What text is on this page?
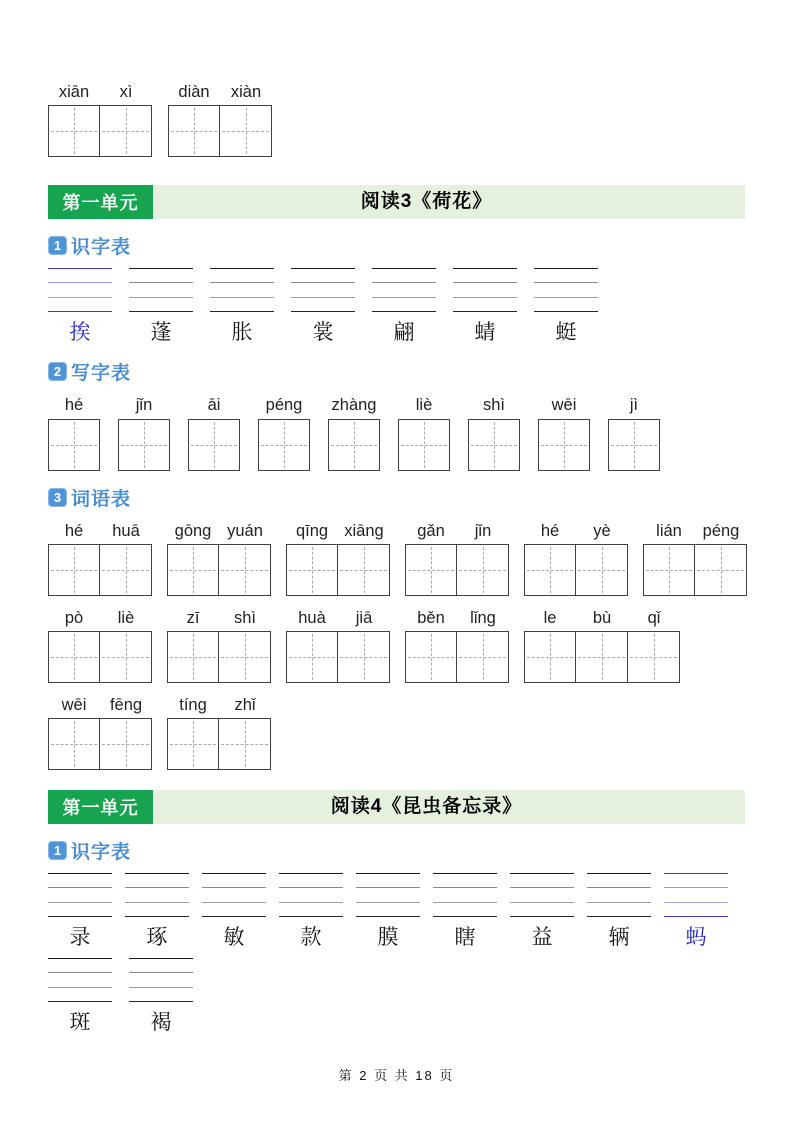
xiān	xì	diàn	xiàn
第一单元	阅读3《荷花》
1 识字表
挨	蓬	胀	裳	翩	蜻	蜓
2 写字表
hé	jǐn	āi	péng zhàng liè	shì	wēi	jì
3 词语表
hé	huā	gōng yuán	qīng xiāng	gǎn	jǐn	hé	yè	lián	péng
pò	liè	zī	shì	huà	jiā	běn	lǐng	le	bù	qǐ
wēi	fēng	tíng	zhǐ
第一单元	阅读4《昆虫备忘录》
1 识字表
录	琢	敏	款	膜	瞎	益	辆	蚂
斑	褐
第 2 页 共 18 页
